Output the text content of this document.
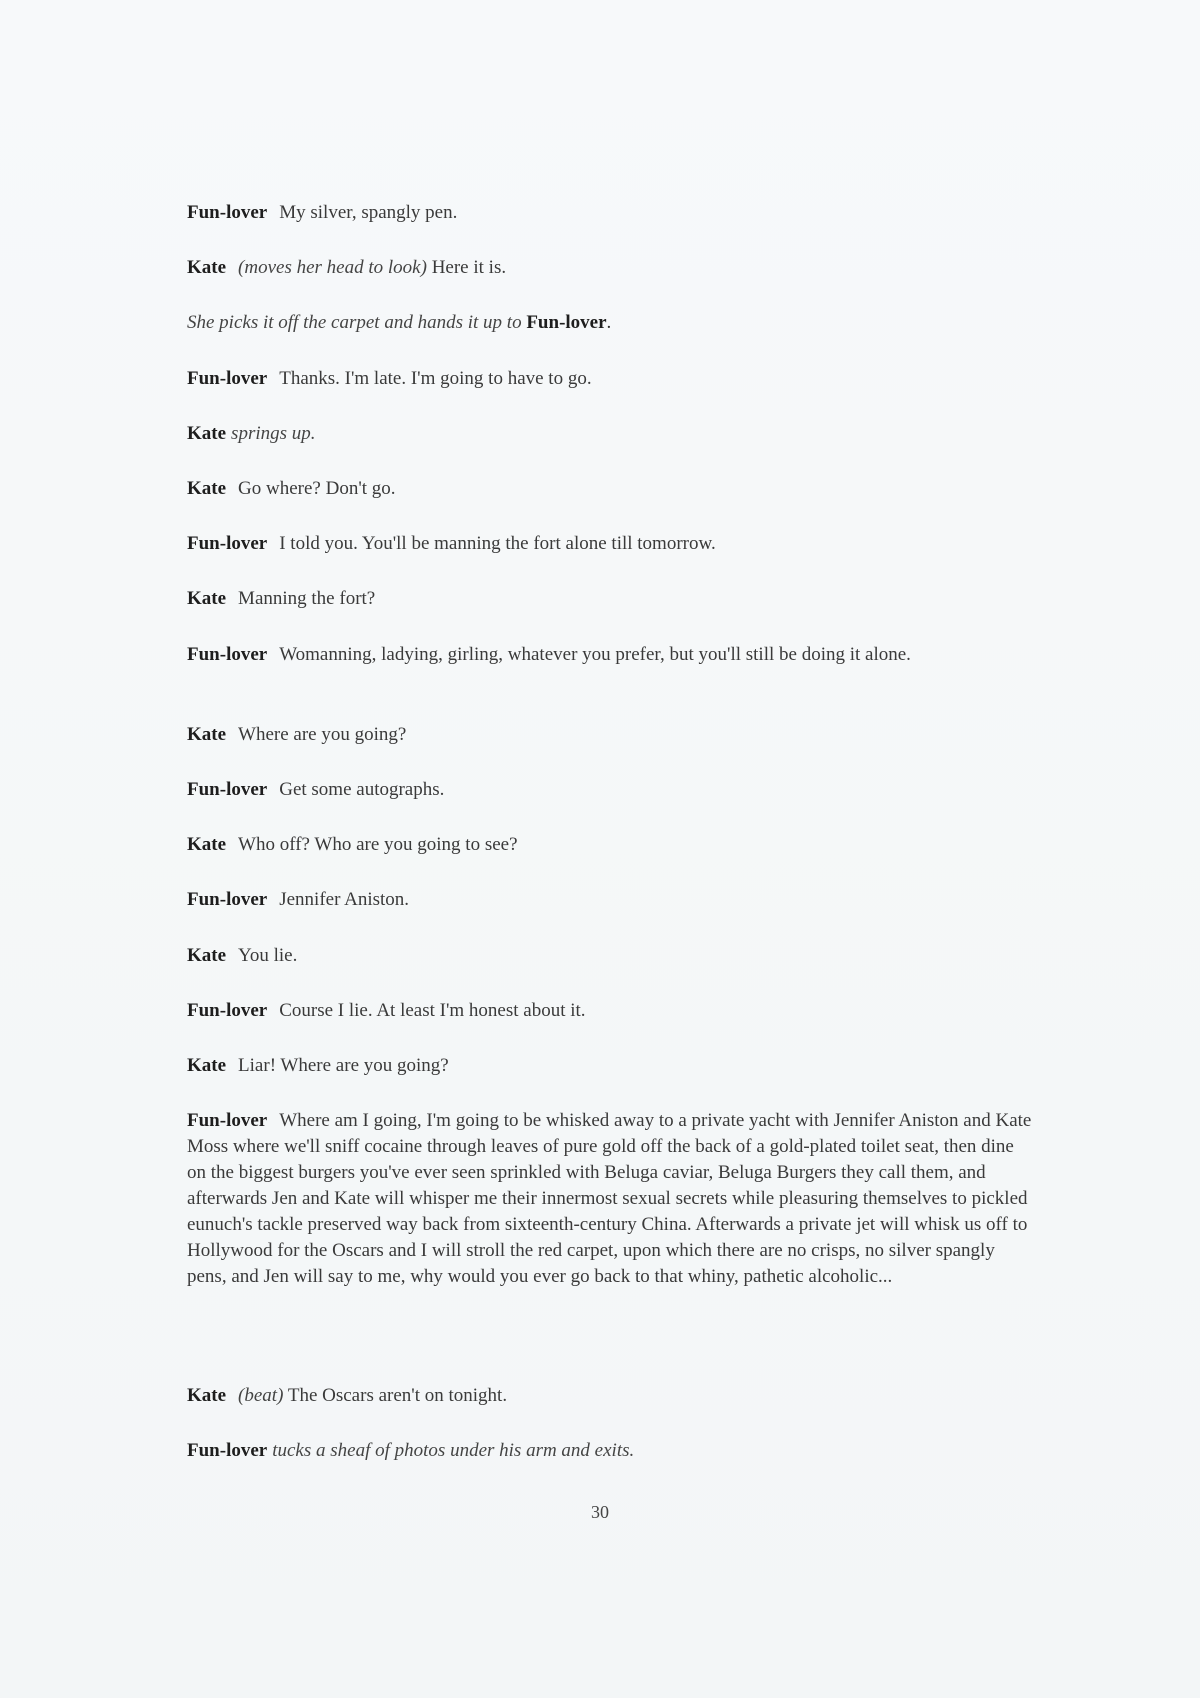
Fun-lover My silver, spangly pen.

Kate (moves her head to look) Here it is.

She picks it off the carpet and hands it up to Fun-lover.

Fun-lover Thanks. I'm late. I'm going to have to go.

Kate springs up.

Kate Go where? Don't go.

Fun-lover I told you. You'll be manning the fort alone till tomorrow.

Kate Manning the fort?

Fun-lover Womanning, ladying, girling, whatever you prefer, but you'll still be doing it alone.

Kate Where are you going?

Fun-lover Get some autographs.

Kate Who off? Who are you going to see?

Fun-lover Jennifer Aniston.

Kate You lie.

Fun-lover Course I lie. At least I'm honest about it.

Kate Liar! Where are you going?

Fun-lover Where am I going, I'm going to be whisked away to a private yacht with Jennifer Aniston and Kate Moss where we'll sniff cocaine through leaves of pure gold off the back of a gold-plated toilet seat, then dine on the biggest burgers you've ever seen sprinkled with Beluga caviar, Beluga Burgers they call them, and afterwards Jen and Kate will whisper me their innermost sexual secrets while pleasuring themselves to pickled eunuch's tackle preserved way back from sixteenth-century China. Afterwards a private jet will whisk us off to Hollywood for the Oscars and I will stroll the red carpet, upon which there are no crisps, no silver spangly pens, and Jen will say to me, why would you ever go back to that whiny, pathetic alcoholic...

Kate (beat) The Oscars aren't on tonight.

Fun-lover tucks a sheaf of photos under his arm and exits.

30
